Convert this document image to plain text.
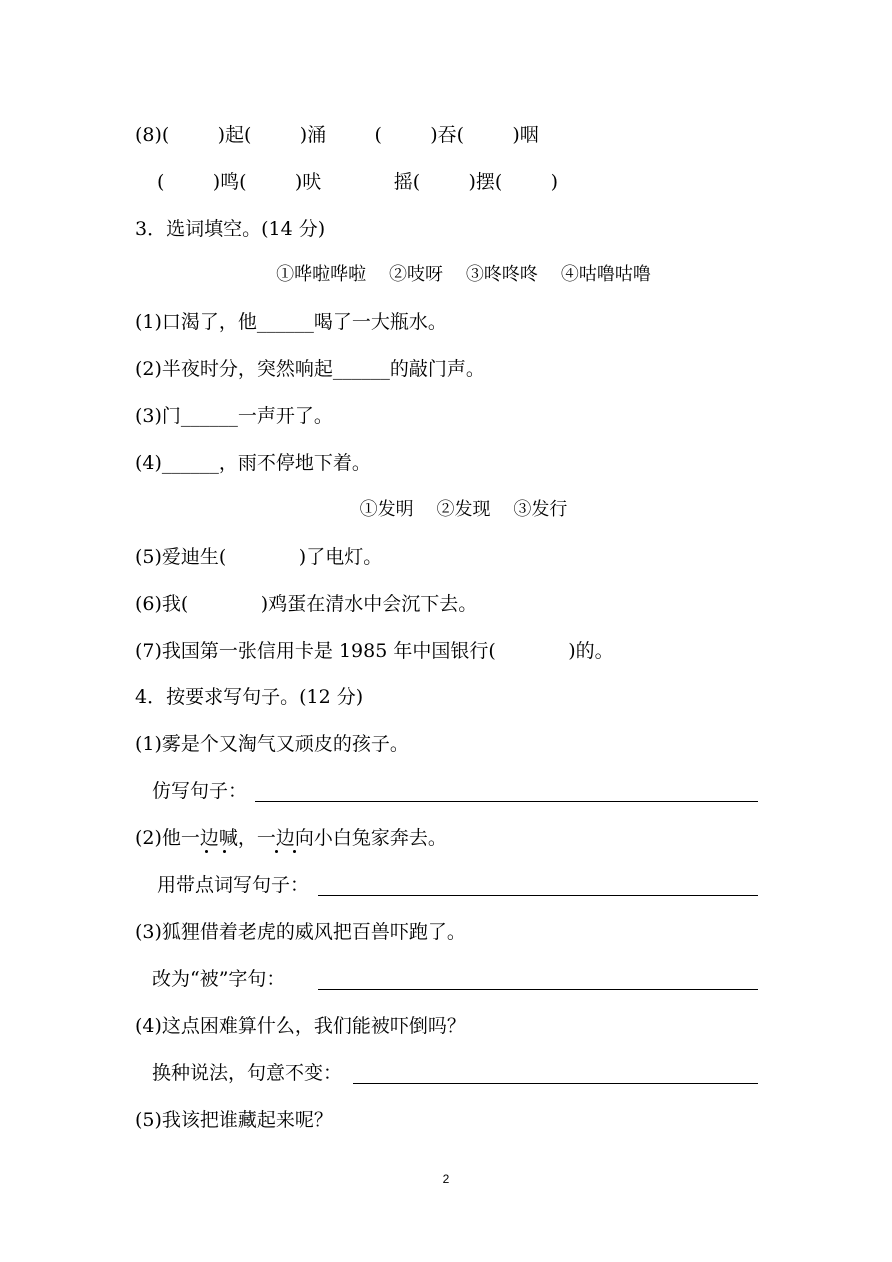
(8)(        )起(        )涌        (        )吞(        )咽
(        )鸣(        )吠            摇(        )摆(        )
3．选词填空。(14 分)
①哗啦哗啦    ②吱呀    ③咚咚咚    ④咕噜咕噜
(1)口渴了，他______喝了一大瓶水。
(2)半夜时分，突然响起______的敲门声。
(3)门______一声开了。
(4)______，雨不停地下着。
①发明    ②发现    ③发行
(5)爱迪生(            )了电灯。
(6)我(            )鸡蛋在清水中会沉下去。
(7)我国第一张信用卡是 1985 年中国银行(            )的。
4．按要求写句子。(12 分)
(1)雾是个又淘气又顽皮的孩子。
仿写句子：
(2)他一边喊，一边向小白兔家奔去。
用带点词写句子：
(3)狐狸借着老虎的威风把百兽吓跑了。
改为“被”字句：
(4)这点困难算什么，我们能被吓倒吗？
换种说法，句意不变：
(5)我该把谁藏起来呢？
2
